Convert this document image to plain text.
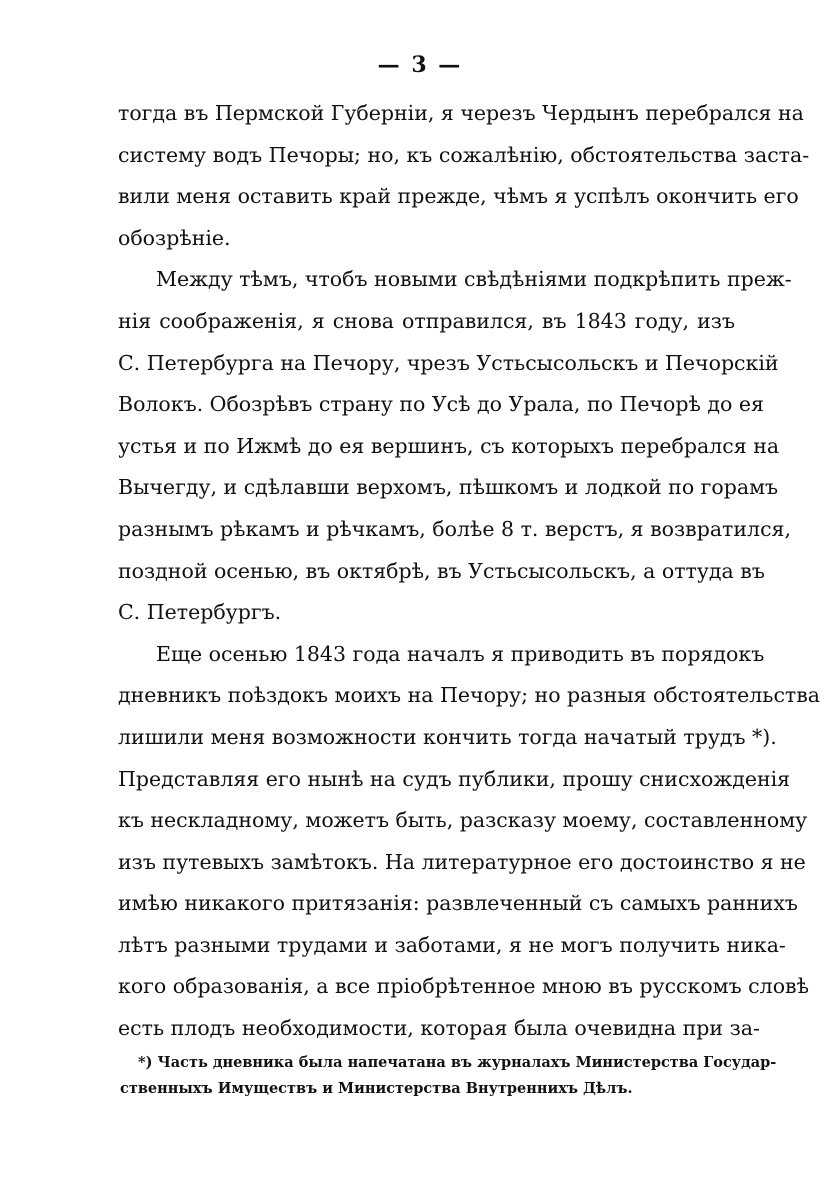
— 3 —
тогда въ Пермской Губерніи, я черезъ Чердынъ перебрался на
систему водъ Печоры; но, къ сожалѣнію, обстоятельства заста-
вили меня оставить край прежде, чѣмъ я успѣлъ окончить его
обозрѣніе.
Между тѣмъ, чтобъ новыми свѣдѣніями подкрѣпить преж-
нія соображенія, я снова отправился, въ 1843 году, изъ
С. Петербурга на Печору, чрезъ Устьсысольскъ и Печорскій
Волокъ. Обозрѣвъ страну по Усѣ до Урала, по Печорѣ до ея
устья и по Ижмѣ до ея вершинъ, съ которыхъ перебрался на
Вычегду, и сдѣлавши верхомъ, пѣшкомъ и лодкой по горамъ
разнымъ рѣкамъ и рѣчкамъ, болѣе 8 т. верстъ, я возвратился,
поздной осенью, въ октябрѣ, въ Устьсысольскъ, а оттуда въ
С. Петербургъ.
Еще осенью 1843 года началъ я приводить въ порядокъ
дневникъ поѣздокъ моихъ на Печору; но разныя обстоятельства
лишили меня возможности кончить тогда начатый трудъ *).
Представляя его нынѣ на судъ публики, прошу снисхожденія
къ нескладному, можетъ быть, разсказу моему, составленному
изъ путевыхъ замѣтокъ. На литературное его достоинство я не
имѣю никакого притязанія: развлеченный съ самыхъ раннихъ
лѣтъ разными трудами и заботами, я не могъ получить ника-
кого образованія, а все пріобрѣтенное мною въ русскомъ словѣ
есть плодъ необходимости, которая была очевидна при за-
*) Часть дневника была напечатана въ журналахъ Министерства Государ-
ственныхъ Имуществъ и Министерства Внутреннихъ Дѣлъ.
